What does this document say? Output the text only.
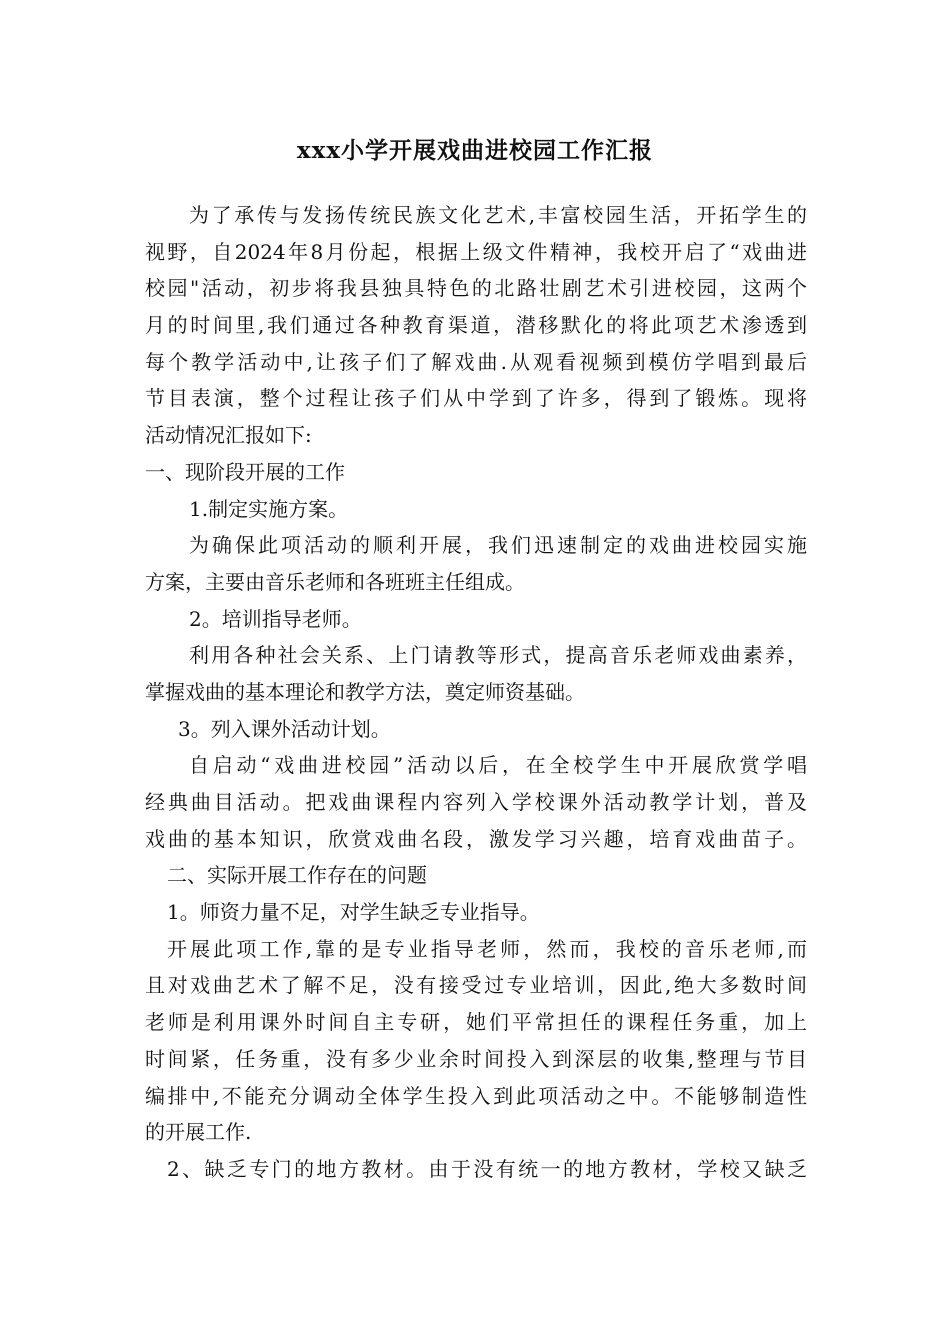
xxx小学开展戏曲进校园工作汇报
为了承传与发扬传统民族文化艺术,丰富校园生活，开拓学生的
视野，自2024年8月份起，根据上级文件精神，我校开启了“戏曲进
校园"活动，初步将我县独具特色的北路壮剧艺术引进校园，这两个
月的时间里,我们通过各种教育渠道，潜移默化的将此项艺术渗透到
每个教学活动中,让孩子们了解戏曲.从观看视频到模仿学唱到最后
节目表演，整个过程让孩子们从中学到了许多，得到了锻炼。现将
活动情况汇报如下:
一、现阶段开展的工作
1.制定实施方案。
为确保此项活动的顺利开展，我们迅速制定的戏曲进校园实施
方案，主要由音乐老师和各班班主任组成。
2。培训指导老师。
利用各种社会关系、上门请教等形式，提高音乐老师戏曲素养，
掌握戏曲的基本理论和教学方法，奠定师资基础。
3。列入课外活动计划。
自启动“戏曲进校园”活动以后，在全校学生中开展欣赏学唱
经典曲目活动。把戏曲课程内容列入学校课外活动教学计划，普及
戏曲的基本知识，欣赏戏曲名段，激发学习兴趣，培育戏曲苗子。
二、实际开展工作存在的问题
1。师资力量不足，对学生缺乏专业指导。
开展此项工作,靠的是专业指导老师，然而，我校的音乐老师,而
且对戏曲艺术了解不足，没有接受过专业培训，因此,绝大多数时间
老师是利用课外时间自主专研，她们平常担任的课程任务重，加上
时间紧，任务重，没有多少业余时间投入到深层的收集,整理与节目
编排中,不能充分调动全体学生投入到此项活动之中。不能够制造性
的开展工作.
2、缺乏专门的地方教材。由于没有统一的地方教材，学校又缺乏
